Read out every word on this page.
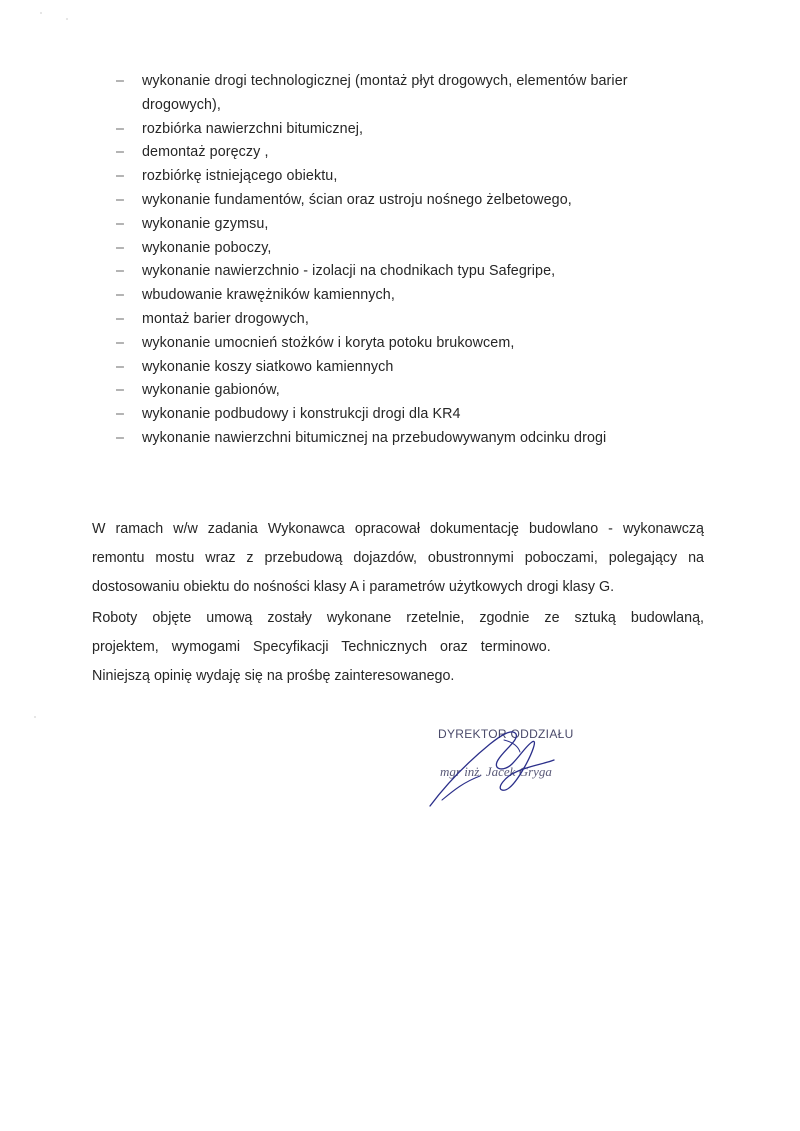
– wykonanie drogi technologicznej (montaż płyt drogowych, elementów barier
drogowych),
– rozbiórka nawierzchni bitumicznej,
– demontaż poręczy ,
– rozbiórkę istniejącego obiektu,
– wykonanie fundamentów, ścian oraz ustroju nośnego żelbetowego,
– wykonanie gzymsu,
– wykonanie poboczy,
– wykonanie nawierzchnio - izolacji na chodnikach typu Safegripe,
– wbudowanie krawężników kamiennych,
– montaż barier drogowych,
– wykonanie umocnień stożków i koryta potoku brukowcem,
– wykonanie koszy siatkowo kamiennych
– wykonanie gabionów,
– wykonanie podbudowy i konstrukcji drogi dla KR4
– wykonanie nawierzchni bitumicznej na przebudowywanym odcinku drogi

W ramach w/w zadania Wykonawca opracował dokumentację budowlano - wykonawczą remontu mostu wraz z przebudową dojazdów, obustronnymi poboczami, polegający na dostosowaniu obiektu do nośności klasy A i parametrów użytkowych drogi klasy G.

Roboty objęte umową zostały wykonane rzetelnie, zgodnie ze sztuką budowlaną, projektem, wymogami Specyfikacji Technicznych oraz terminowo.

Niniejszą opinię wydaję się na prośbę zainteresowanego.

DYREKTOR ODDZIAŁU
mgr inż. Jacek Gryga
